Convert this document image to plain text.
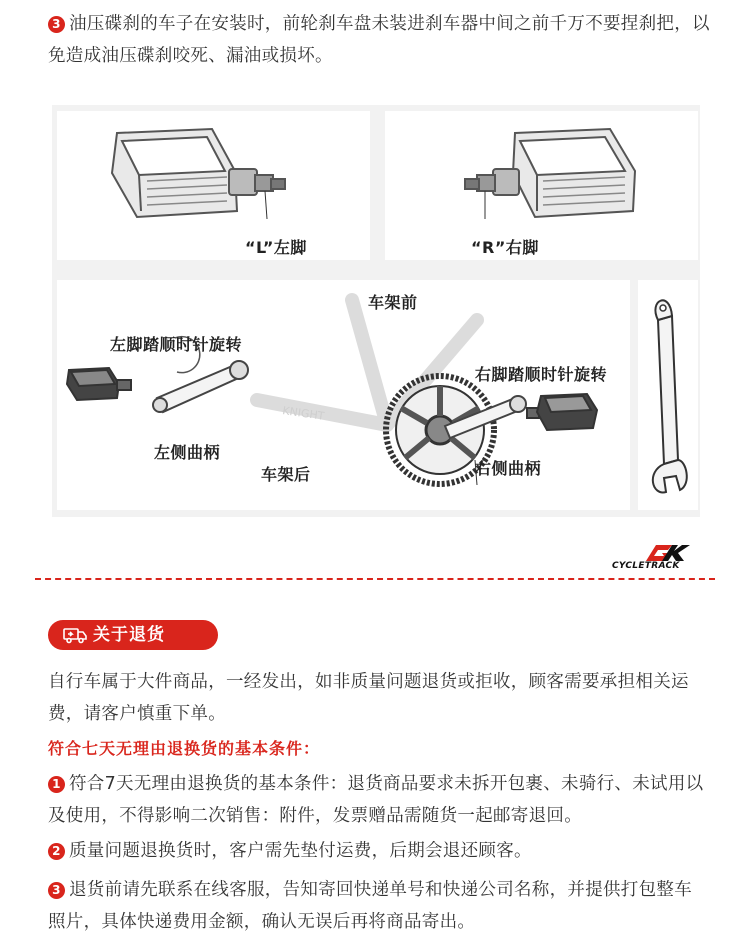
3 油压碟刹的车子在安装时，前轮刹车盘未装进刹车器中间之前千万不要捏刹把，以免造成油压碟刹咬死、漏油或损坏。
“L”左脚	“R”右脚
KNIGHT
车架前
左脚踏顺时针旋转
左侧曲柄
车架后
右脚踏顺时针旋转
右侧曲柄
CYCLETRACK
关于退货
自行车属于大件商品，一经发出，如非质量问题退货或拒收，顾客需要承担相关运费，请客户慎重下单。
符合七天无理由退换货的基本条件：
1 符合7天无理由退换货的基本条件：退货商品要求未拆开包裹、未骑行、未试用以及使用，不得影响二次销售：附件，发票赠品需随货一起邮寄退回。
2 质量问题退换货时，客户需先垫付运费，后期会退还顾客。
3 退货前请先联系在线客服，告知寄回快递单号和快递公司名称，并提供打包整车照片，具体快递费用金额，确认无误后再将商品寄出。
